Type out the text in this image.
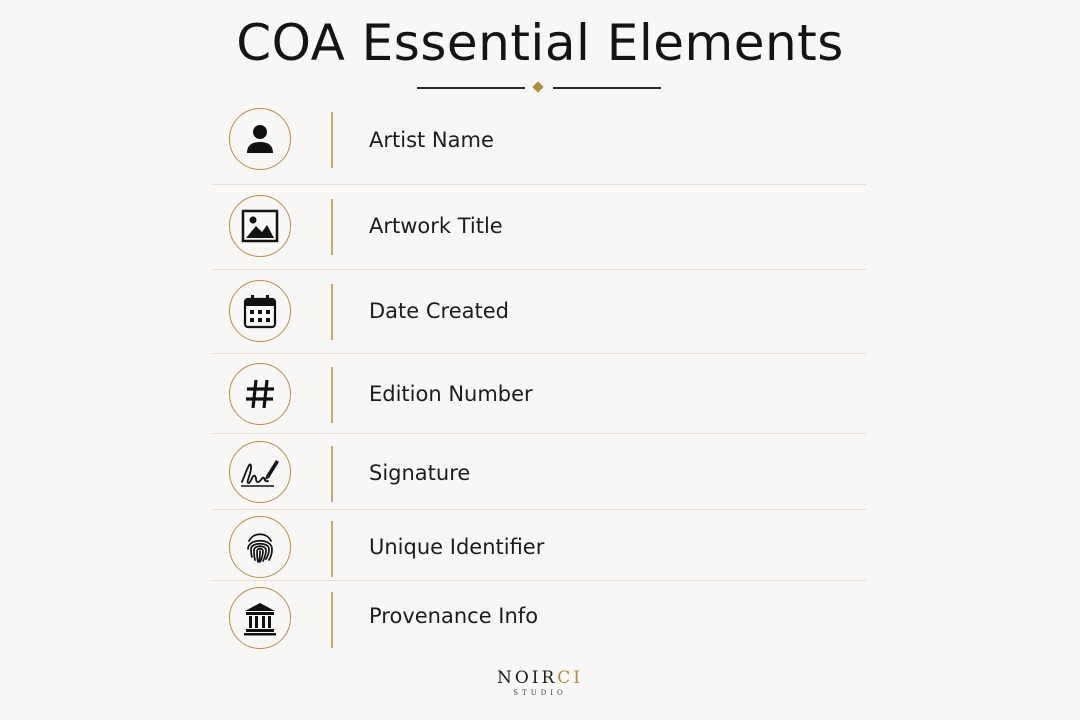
COA Essential Elements
Artist Name
Artwork Title
Date Created
Edition Number
Signature
Unique Identifier
Provenance Info
NOIRCI
STUDIO
